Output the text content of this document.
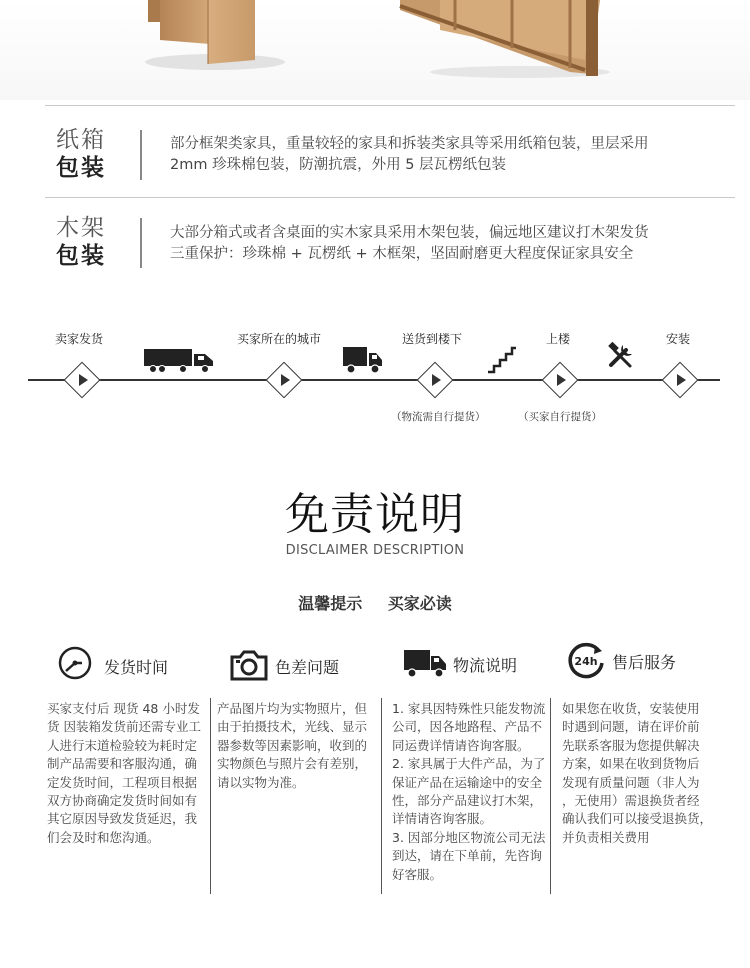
纸箱
包装
部分框架类家具，重量较轻的家具和拆装类家具等采用纸箱包装，里层采用
2mm 珍珠棉包装，防潮抗震，外用 5 层瓦楞纸包装
木架
包装
大部分箱式或者含桌面的实木家具采用木架包装，偏远地区建议打木架发货
三重保护：珍珠棉 + 瓦楞纸 + 木框架，坚固耐磨更大程度保证家具安全
卖家发货	买家所在的城市	送货到楼下	上楼	安装
（物流需自行提货）	（买家自行提货）
免责说明
DISCLAIMER DESCRIPTION
温馨提示 买家必读
发货时间	色差问题	物流说明	24h 售后服务
买家支付后 现货 48 小时发
货 因装箱发货前还需专业工
人进行末道检验较为耗时定
制产品需要和客服沟通，确
定发货时间，工程项目根据
双方协商确定发货时间如有
其它原因导致发货延迟，我
们会及时和您沟通。
产品图片均为实物照片，但
由于拍摄技术，光线、显示
器参数等因素影响，收到的
实物颜色与照片会有差别，
请以实物为准。
1. 家具因特殊性只能发物流
公司，因各地路程、产品不
同运费详情请咨询客服。
2. 家具属于大件产品，为了
保证产品在运输途中的安全
性，部分产品建议打木架，
详情请咨询客服。
3. 因部分地区物流公司无法
到达，请在下单前，先咨询
好客服。
如果您在收货，安装使用
时遇到问题，请在评价前
先联系客服为您提供解决
方案，如果在收到货物后
发现有质量问题（非人为
，无使用）需退换货者经
确认我们可以接受退换货，
并负责相关费用
